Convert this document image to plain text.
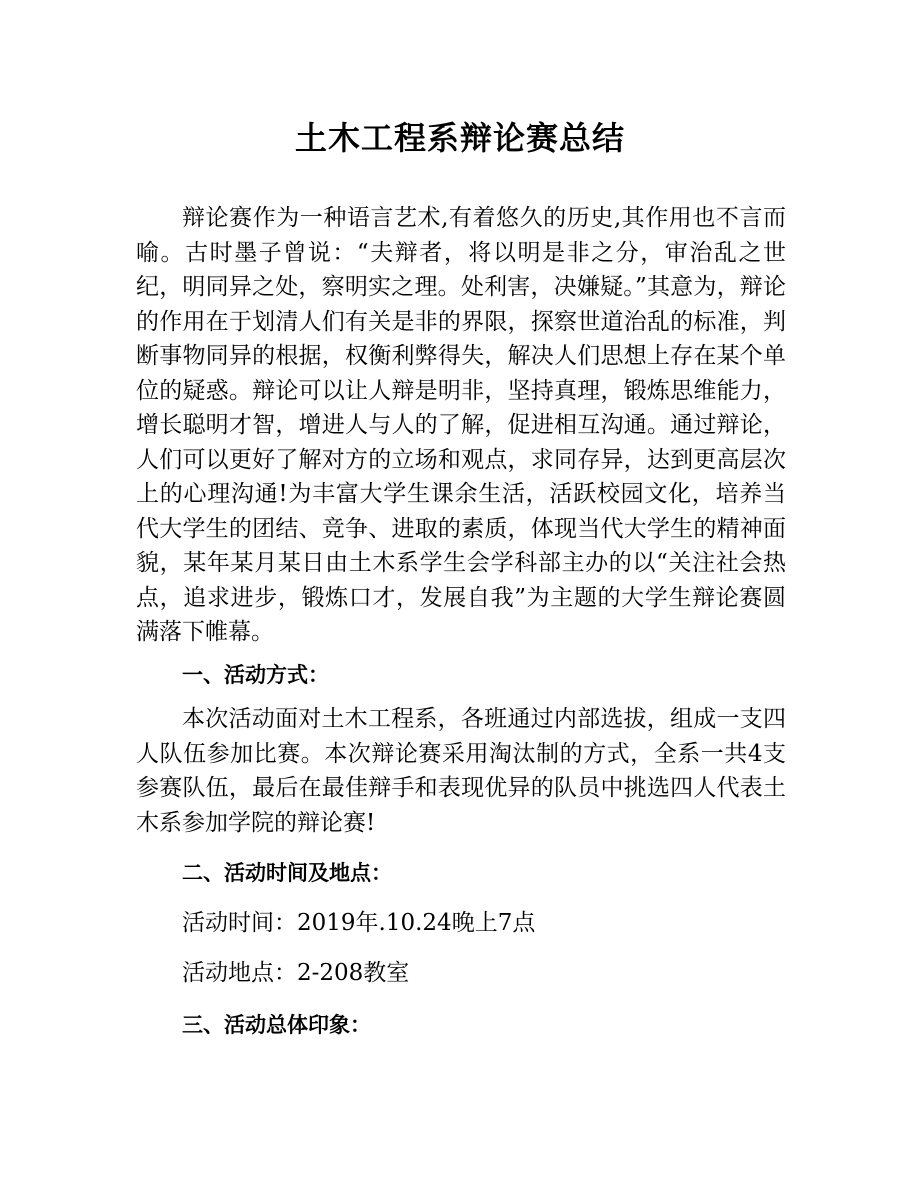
土木工程系辩论赛总结
辩论赛作为一种语言艺术,有着悠久的历史,其作用也不言而喻。古时墨子曾说：“夫辩者，将以明是非之分，审治乱之世纪，明同异之处，察明实之理。处利害，决嫌疑。”其意为，辩论的作用在于划清人们有关是非的界限，探察世道治乱的标准，判断事物同异的根据，权衡利弊得失，解决人们思想上存在某个单位的疑惑。辩论可以让人辩是明非，坚持真理，锻炼思维能力，增长聪明才智，增进人与人的了解，促进相互沟通。通过辩论，人们可以更好了解对方的立场和观点，求同存异，达到更高层次上的心理沟通!为丰富大学生课余生活，活跃校园文化，培养当代大学生的团结、竞争、进取的素质，体现当代大学生的精神面貌，某年某月某日由土木系学生会学科部主办的以“关注社会热点，追求进步，锻炼口才，发展自我”为主题的大学生辩论赛圆满落下帷幕。
一、活动方式：
本次活动面对土木工程系，各班通过内部选拔，组成一支四人队伍参加比赛。本次辩论赛采用淘汰制的方式，全系一共4支参赛队伍，最后在最佳辩手和表现优异的队员中挑选四人代表土木系参加学院的辩论赛!
二、活动时间及地点：
活动时间：2019年.10.24晚上7点
活动地点：2-208教室
三、活动总体印象：
